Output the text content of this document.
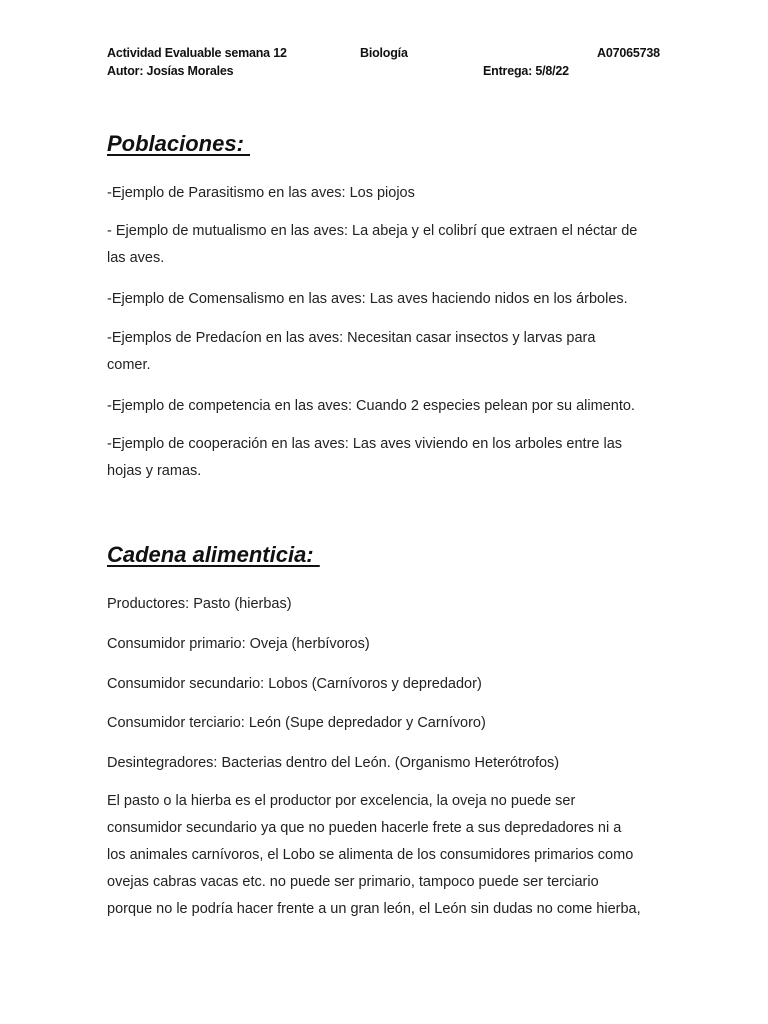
Actividad Evaluable semana 12	Biología	A07065738
Autor: Josías Morales	Entrega: 5/8/22
Poblaciones:

-Ejemplo de Parasitismo en las aves: Los piojos

- Ejemplo de mutualismo en las aves: La abeja y el colibrí que extraen el néctar de
las aves.

-Ejemplo de Comensalismo en las aves: Las aves haciendo nidos en los árboles.

-Ejemplos de Predacíon en las aves: Necesitan casar insectos y larvas para
comer.

-Ejemplo de competencia en las aves: Cuando 2 especies pelean por su alimento.

-Ejemplo de cooperación en las aves: Las aves viviendo en los arboles entre las
hojas y ramas.

Cadena alimenticia:

Productores: Pasto (hierbas)

Consumidor primario: Oveja (herbívoros)

Consumidor secundario: Lobos (Carnívoros y depredador)

Consumidor terciario: León (Supe depredador y Carnívoro)

Desintegradores: Bacterias dentro del León. (Organismo Heterótrofos)

El pasto o la hierba es el productor por excelencia, la oveja no puede ser
consumidor secundario ya que no pueden hacerle frete a sus depredadores ni a
los animales carnívoros, el Lobo se alimenta de los consumidores primarios como
ovejas cabras vacas etc. no puede ser primario, tampoco puede ser terciario
porque no le podría hacer frente a un gran león, el León sin dudas no come hierba,
